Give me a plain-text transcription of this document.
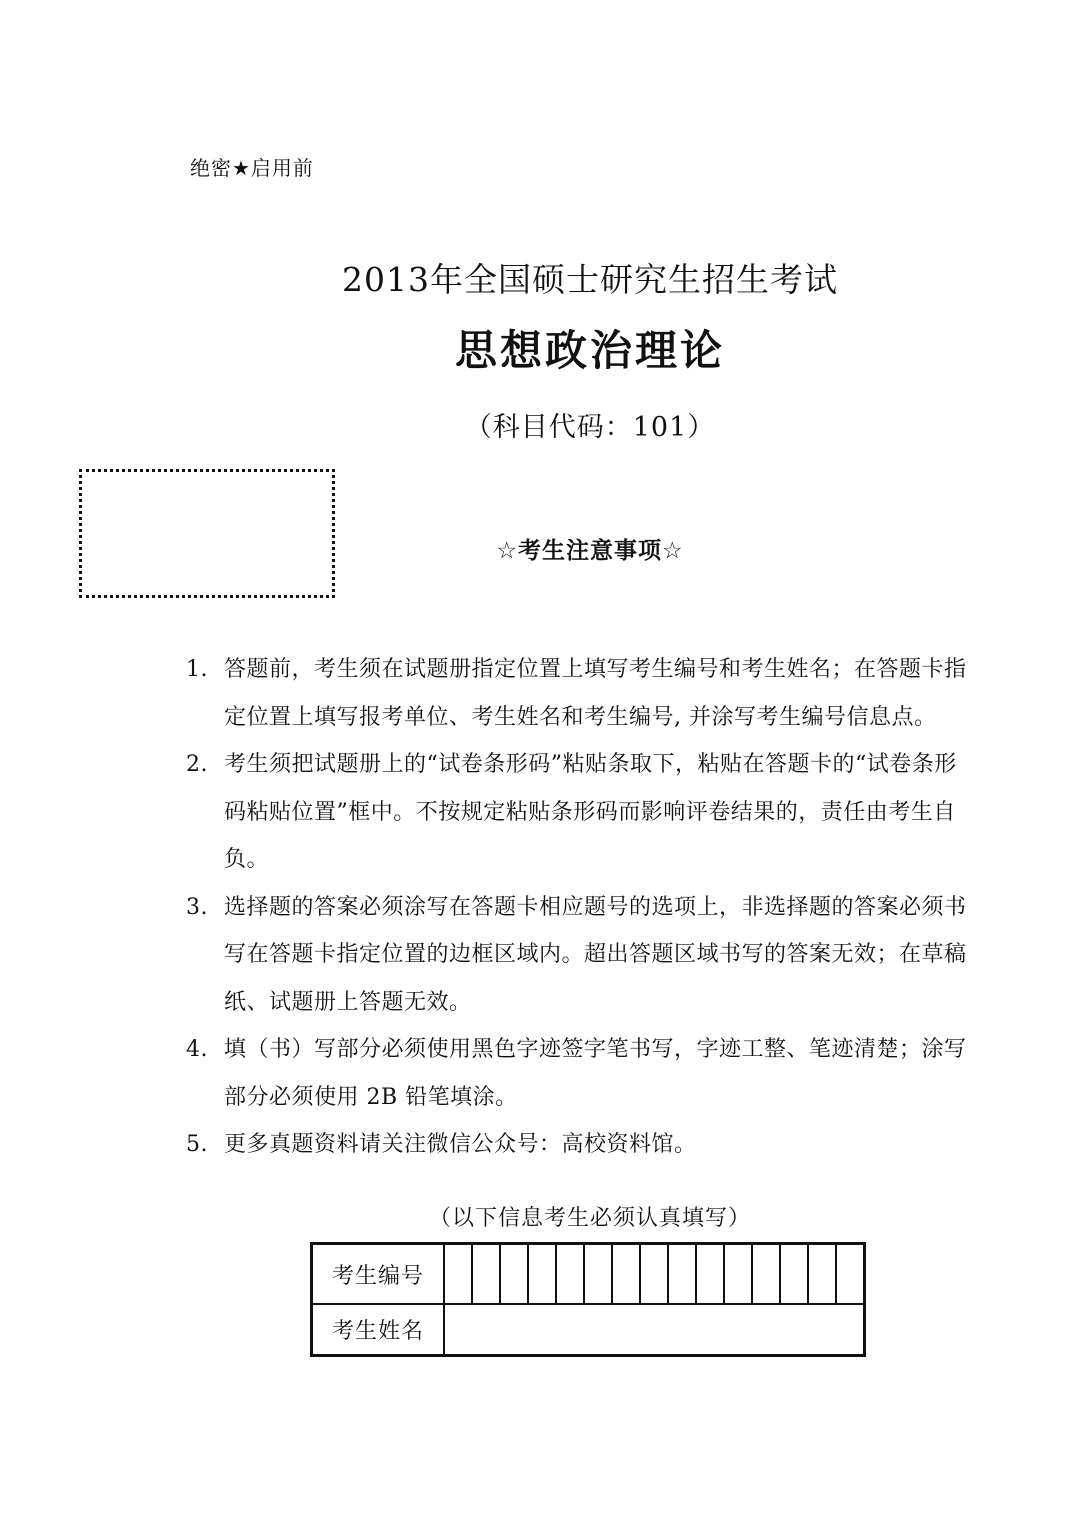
绝密★启用前
2013年全国硕士研究生招生考试
思想政治理论
（科目代码：101）
☆考生注意事项☆
1. 答题前，考生须在试题册指定位置上填写考生编号和考生姓名；在答题卡指定位置上填写报考单位、考生姓名和考生编号, 并涂写考生编号信息点。
2. 考生须把试题册上的“试卷条形码”粘贴条取下，粘贴在答题卡的“试卷条形码粘贴位置”框中。不按规定粘贴条形码而影响评卷结果的，责任由考生自负。
3. 选择题的答案必须涂写在答题卡相应题号的选项上，非选择题的答案必须书写在答题卡指定位置的边框区域内。超出答题区域书写的答案无效；在草稿纸、试题册上答题无效。
4. 填（书）写部分必须使用黑色字迹签字笔书写，字迹工整、笔迹清楚；涂写部分必须使用 2B 铅笔填涂。
5. 更多真题资料请关注微信公众号：高校资料馆。
（以下信息考生必须认真填写）
考生编号															
考生姓名															
